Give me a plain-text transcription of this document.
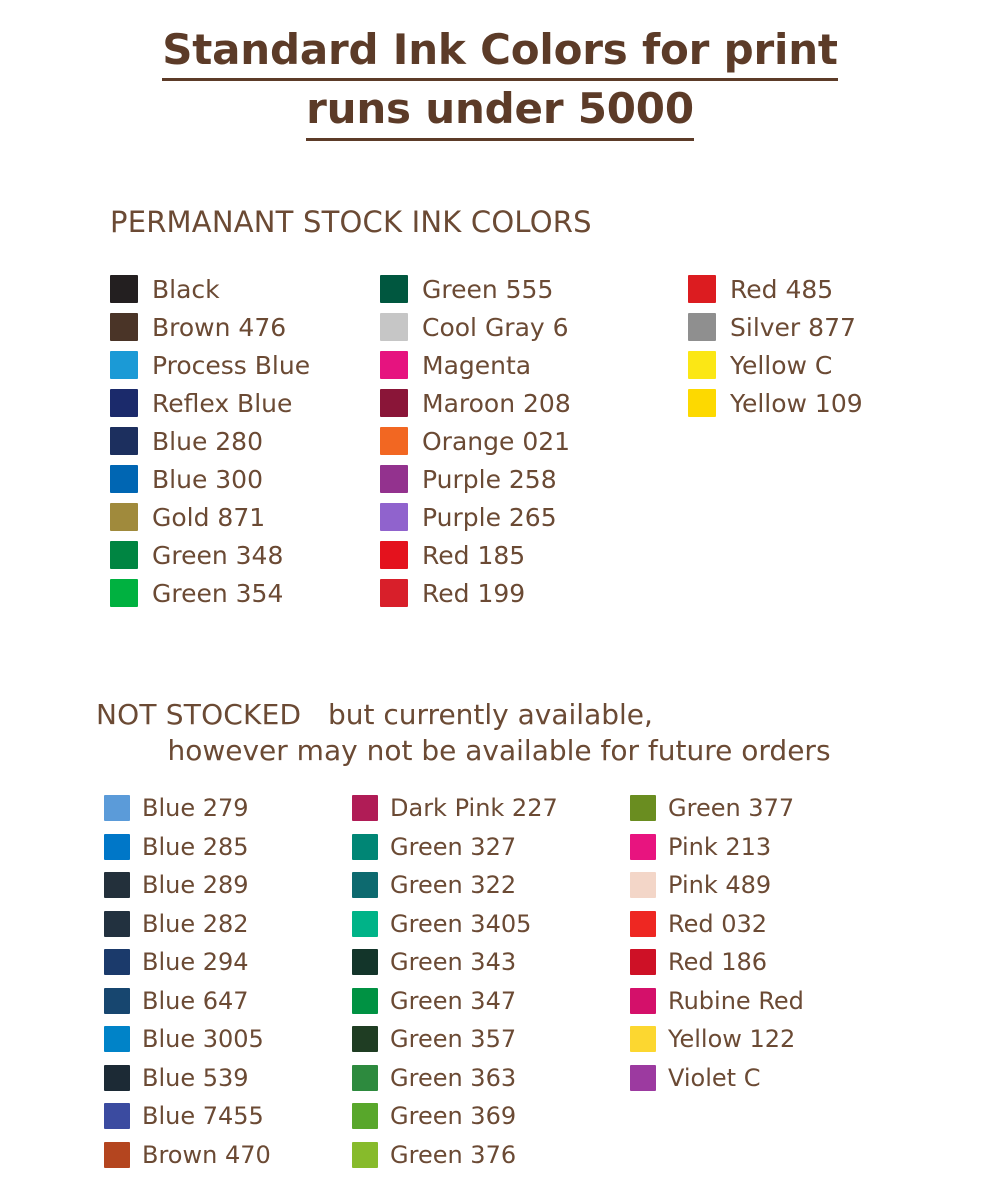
Standard Ink Colors for print
runs under 5000
PERMANANT STOCK INK COLORS
Black
Brown 476
Process Blue
Reflex Blue
Blue 280
Blue 300
Gold 871
Green 348
Green 354
Green 555
Cool Gray 6
Magenta
Maroon 208
Orange 021
Purple 258
Purple 265
Red 185
Red 199
Red 485
Silver 877
Yellow C
Yellow 109
NOT STOCKED but currently available,
however may not be available for future orders
Blue 279
Blue 285
Blue 289
Blue 282
Blue 294
Blue 647
Blue 3005
Blue 539
Blue 7455
Brown 470
Dark Pink 227
Green 327
Green 322
Green 3405
Green 343
Green 347
Green 357
Green 363
Green 369
Green 376
Green 377
Pink 213
Pink 489
Red 032
Red 186
Rubine Red
Yellow 122
Violet C
